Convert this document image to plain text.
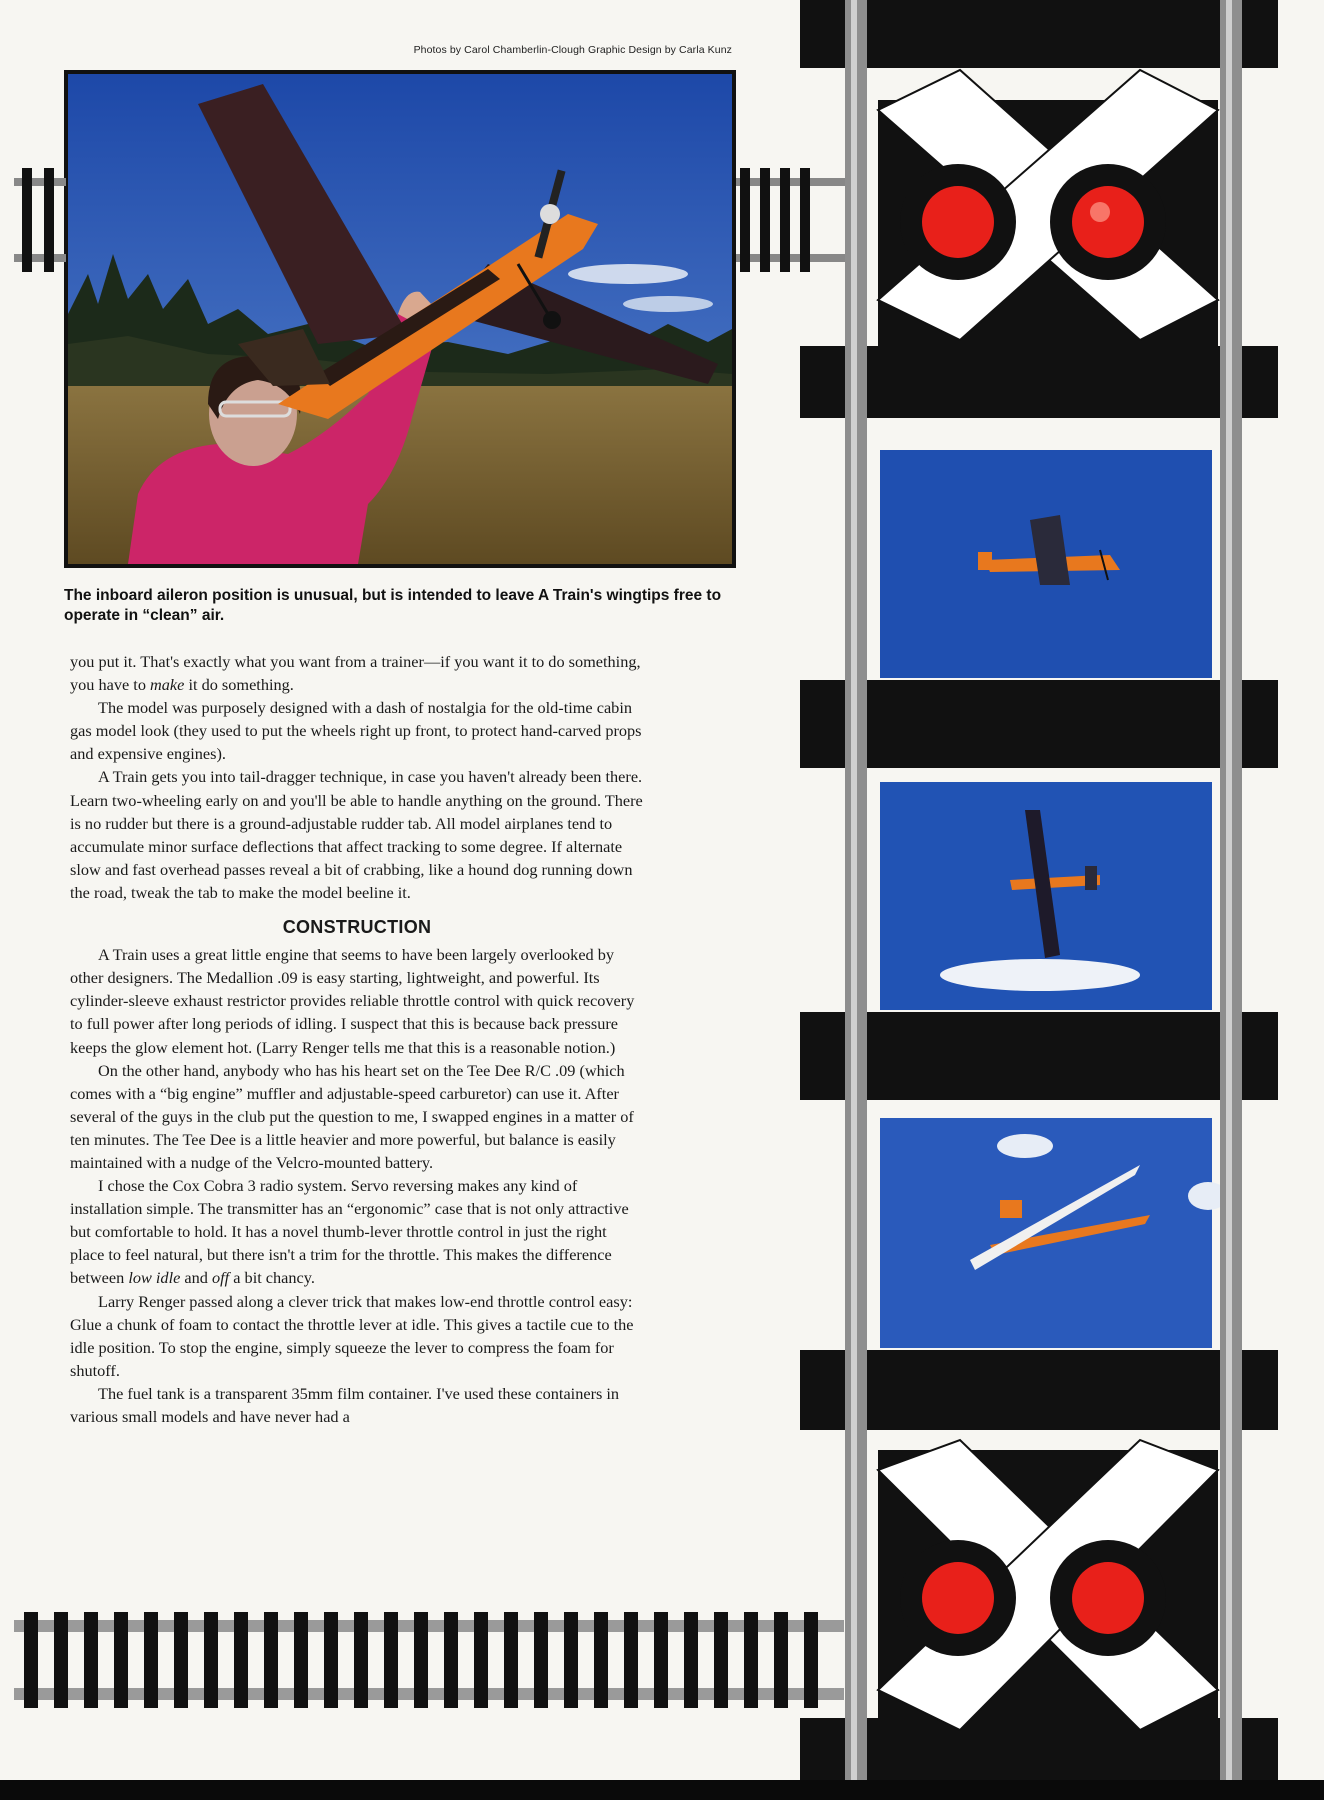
Photos by Carol Chamberlin-Clough Graphic Design by Carla Kunz
The inboard aileron position is unusual, but is intended to leave A Train's wingtips free to operate in “clean” air.

you put it. That's exactly what you want from a trainer—if you want it to do something, you have to make it do something.

The model was purposely designed with a dash of nostalgia for the old-time cabin gas model look (they used to put the wheels right up front, to protect hand-carved props and expensive engines).

A Train gets you into tail-dragger technique, in case you haven't already been there. Learn two-wheeling early on and you'll be able to handle anything on the ground. There is no rudder but there is a ground-adjustable rudder tab. All model airplanes tend to accumulate minor surface deflections that affect tracking to some degree. If alternate slow and fast overhead passes reveal a bit of crabbing, like a hound dog running down the road, tweak the tab to make the model beeline it.

CONSTRUCTION

A Train uses a great little engine that seems to have been largely overlooked by other designers. The Medallion .09 is easy starting, lightweight, and powerful. Its cylinder-sleeve exhaust restrictor provides reliable throttle control with quick recovery to full power after long periods of idling. I suspect that this is because back pressure keeps the glow element hot. (Larry Renger tells me that this is a reasonable notion.)

On the other hand, anybody who has his heart set on the Tee Dee R/C .09 (which comes with a “big engine” muffler and adjustable-speed carburetor) can use it. After several of the guys in the club put the question to me, I swapped engines in a matter of ten minutes. The Tee Dee is a little heavier and more powerful, but balance is easily maintained with a nudge of the Velcro-mounted battery.

I chose the Cox Cobra 3 radio system. Servo reversing makes any kind of installation simple. The transmitter has an “ergonomic” case that is not only attractive but comfortable to hold. It has a novel thumb-lever throttle control in just the right place to feel natural, but there isn't a trim for the throttle. This makes the difference between low idle and off a bit chancy.

Larry Renger passed along a clever trick that makes low-end throttle control easy: Glue a chunk of foam to contact the throttle lever at idle. This gives a tactile cue to the idle position. To stop the engine, simply squeeze the lever to compress the foam for shutoff.

The fuel tank is a transparent 35mm film container. I've used these containers in various small models and have never had a
